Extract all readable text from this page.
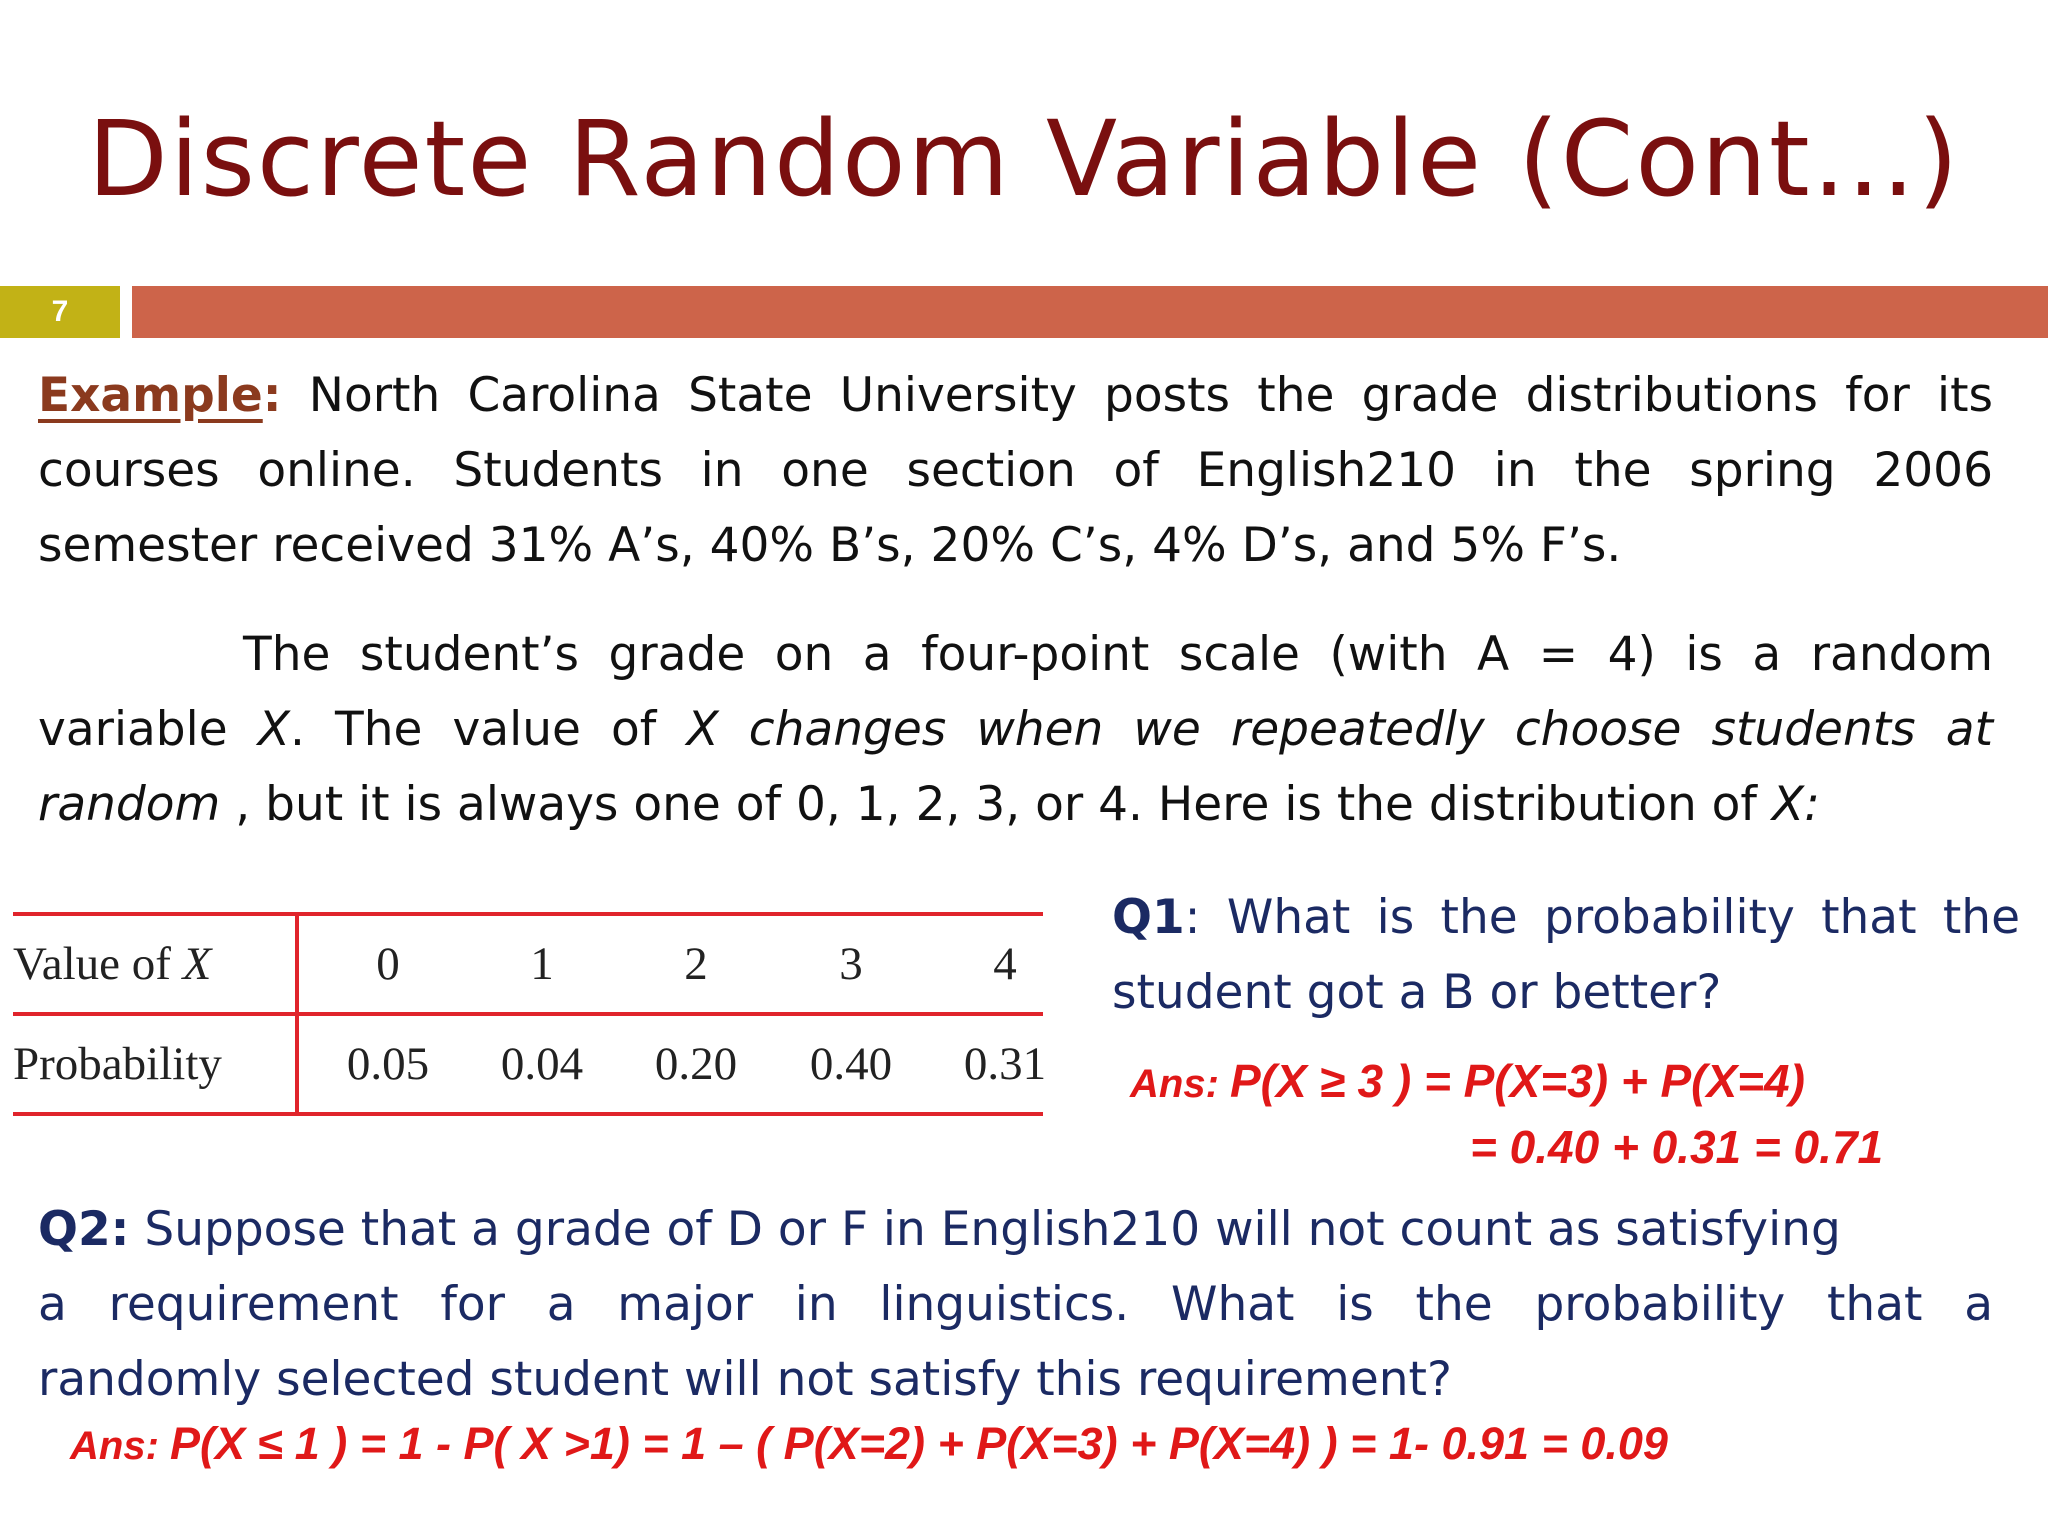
Discrete Random Variable (Cont…)
7
Example: North Carolina State University posts the grade distributions for its
courses online. Students in one section of English210 in the spring 2006
semester received 31% A’s, 40% B’s, 20% C’s, 4% D’s, and 5% F’s.
The student’s grade on a four-point scale (with A = 4) is a random
variable X. The value of X changes when we repeatedly choose students at
random , but it is always one of 0, 1, 2, 3, or 4. Here is the distribution of X:
Value of X	0	1	2	3	4
Probability	0.05	0.04	0.20	0.40	0.31
Q1: What is the probability that the
student got a B or better?
Ans: P(X ≥ 3 ) = P(X=3) + P(X=4)
= 0.40 + 0.31 = 0.71
Q2: Suppose that a grade of D or F in English210 will not count as satisfying
a requirement for a major in linguistics. What is the probability that a
randomly selected student will not satisfy this requirement?
Ans: P(X ≤ 1 ) = 1 - P( X >1) = 1 – ( P(X=2) + P(X=3) + P(X=4) ) = 1- 0.91 = 0.09
